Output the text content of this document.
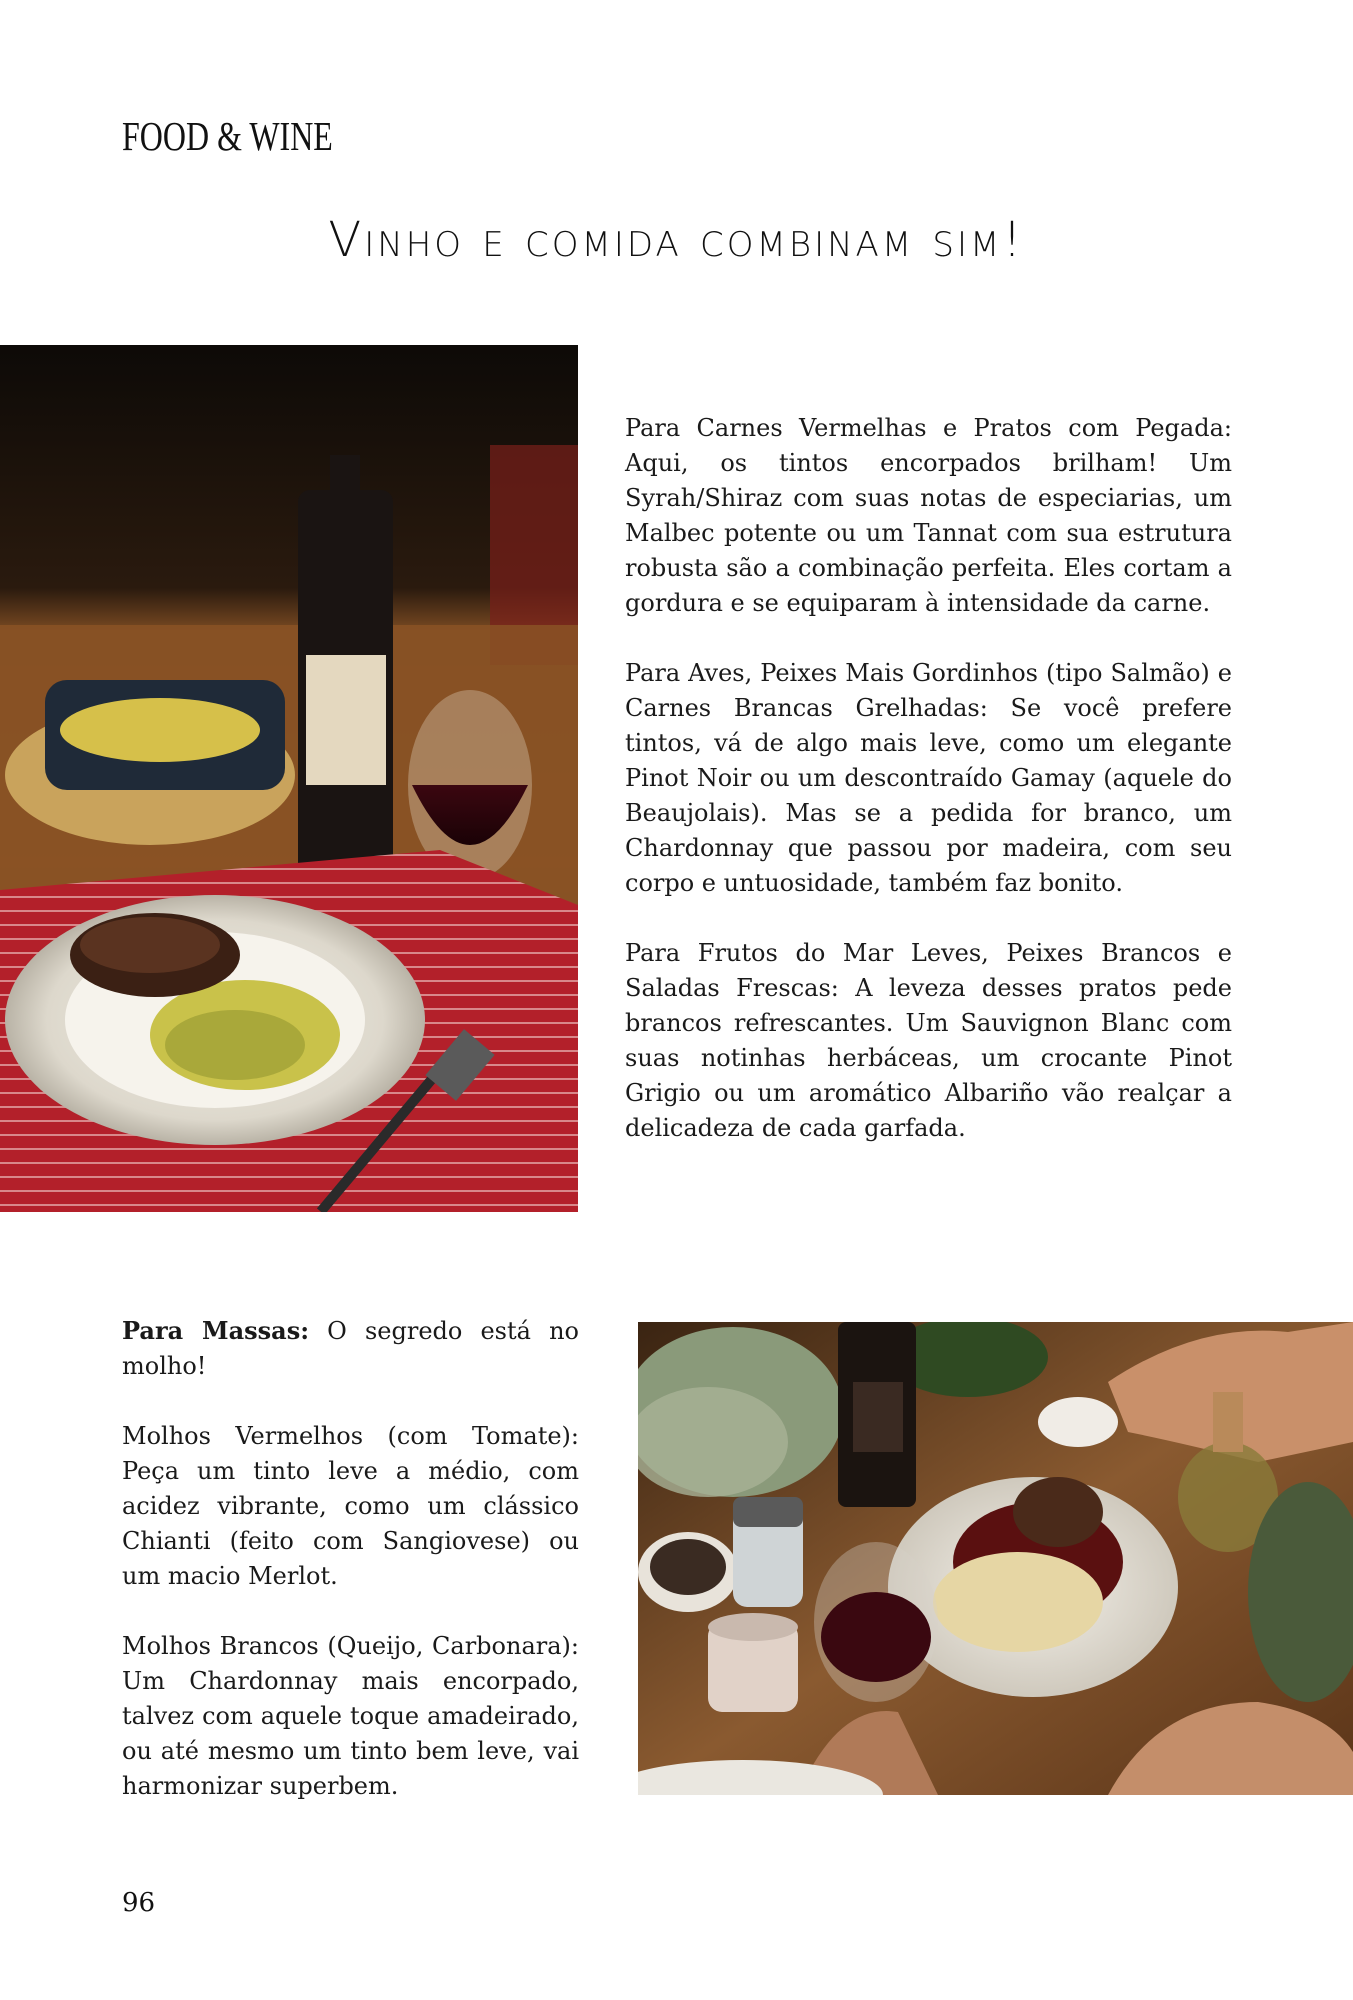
FOOD & WINE
Vinho e comida combinam sim!

Para Carnes Vermelhas e Pratos com Pegada: Aqui, os tintos encorpados brilham! Um Syrah/Shiraz com suas notas de especiarias, um Malbec potente ou um Tannat com sua estrutura robusta são a combinação perfeita. Eles cortam a gordura e se equiparam à intensidade da carne.

Para Aves, Peixes Mais Gordinhos (tipo Salmão) e Carnes Brancas Grelhadas: Se você prefere tintos, vá de algo mais leve, como um elegante Pinot Noir ou um descontraído Gamay (aquele do Beaujolais). Mas se a pedida for branco, um Chardonnay que passou por madeira, com seu corpo e untuosidade, também faz bonito.

Para Frutos do Mar Leves, Peixes Brancos e Saladas Frescas: A leveza desses pratos pede brancos refrescantes. Um Sauvignon Blanc com suas notinhas herbáceas, um crocante Pinot Grigio ou um aromático Albariño vão realçar a delicadeza de cada garfada.

Para Massas: O segredo está no molho!

Molhos Vermelhos (com Tomate): Peça um tinto leve a médio, com acidez vibrante, como um clássico Chianti (feito com Sangiovese) ou um macio Merlot.

Molhos Brancos (Queijo, Carbonara): Um Chardonnay mais encorpado, talvez com aquele toque amadeirado, ou até mesmo um tinto bem leve, vai harmonizar superbem.

96
